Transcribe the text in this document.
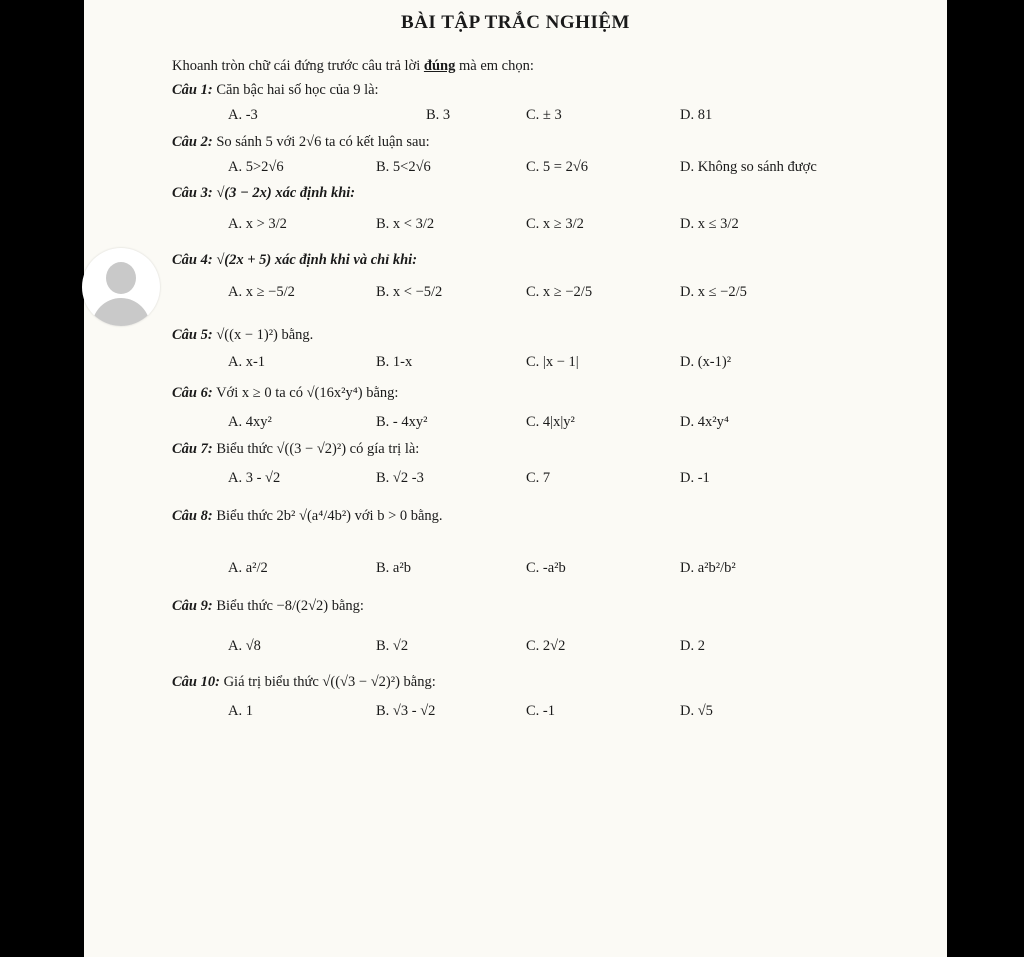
BÀI TẬP TRẮC NGHIỆM
Khoanh tròn chữ cái đứng trước câu trả lời đúng mà em chọn:
Câu 1: Căn bậc hai số học của 9 là:
A. -3	B. 3	C. ± 3	D. 81
Câu 2: So sánh 5 với 2√6 ta có kết luận sau:
A. 5>2√6	B. 5<2√6	C. 5 = 2√6	D. Không so sánh được
Câu 3: √(3 − 2x) xác định khi:
A. x > 3/2	B. x < 3/2	C. x ≥ 3/2	D. x ≤ 3/2
Câu 4: √(2x + 5) xác định khi và chỉ khi:
A. x ≥ −5/2	B. x < −5/2	C. x ≥ −2/5	D. x ≤ −2/5
Câu 5: √((x − 1)²) bằng.
A. x-1	B. 1-x	C. |x − 1|	D. (x-1)²
Câu 6: Với x ≥ 0 ta có √(16x²y⁴) bằng:
A. 4xy²	B. - 4xy²	C. 4|x|y²	D. 4x²y⁴
Câu 7: Biểu thức √((3 − √2)²) có gía trị là:
A. 3 - √2	B. √2 -3	C. 7	D. -1
Câu 8: Biểu thức 2b² √(a⁴/4b²) với b > 0 bằng.
A. a²/2	B. a²b	C. -a²b	D. a²b²/b²
Câu 9: Biểu thức −8/(2√2) bằng:
A. √8	B. √2	C. 2√2	D. 2
Câu 10: Giá trị biểu thức √((√3 − √2)²) bằng:
A. 1	B. √3 - √2	C. -1	D. √5
